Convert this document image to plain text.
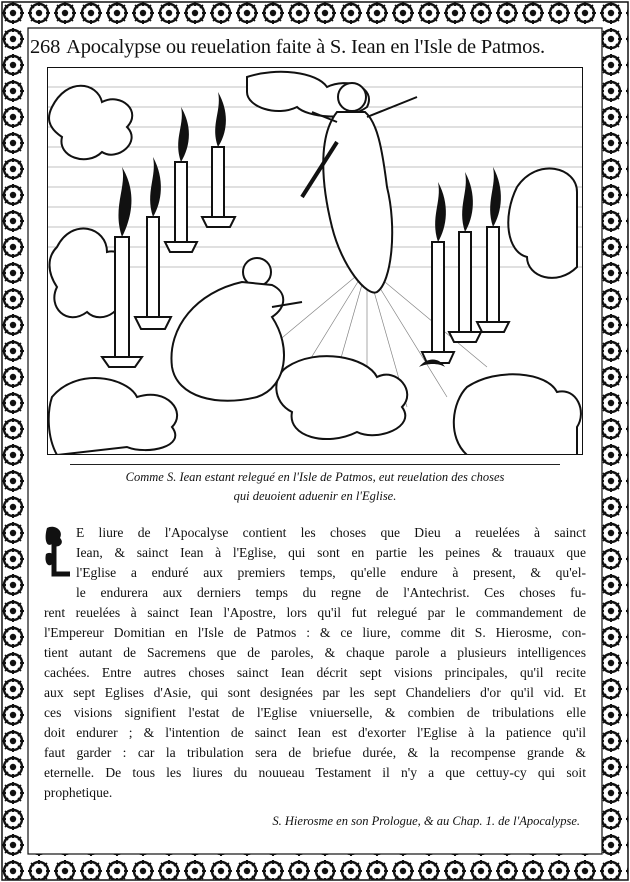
268 Apocalypse ou reuelation faite à S. Iean en l'Isle de Patmos.
Comme S. Iean estant relegué en l'Isle de Patmos, eut reuelation des choses
qui deuoient aduenir en l'Eglise.
E liure de l'Apocalyse contient les choses que Dieu a reuelées à sainct
Iean, & sainct Iean à l'Eglise, qui sont en partie les peines & trauaux que
l'Eglise a enduré aux premiers temps, qu'elle endure à present, & qu'el-
le endurera aux derniers temps du regne de l'Antechrist. Ces choses fu-
rent reuelées à sainct Iean l'Apostre, lors qu'il fut relegué par le commandement de
l'Empereur Domitian en l'Isle de Patmos : & ce liure, comme dit S. Hierosme, con-
tient autant de Sacremens que de paroles, & chaque parole a plusieurs intelligences
cachées. Entre autres choses sainct Iean décrit sept visions principales, qu'il recite
aux sept Eglises d'Asie, qui sont designées par les sept Chandeliers d'or qu'il vid. Et
ces visions signifient l'estat de l'Eglise vniuerselle, & combien de tribulations elle
doit endurer ; & l'intention de sainct Iean est d'exorter l'Eglise à la patience qu'il
faut garder : car la tribulation sera de briefue durée, & la recompense grande &
eternelle. De tous les liures du nouueau Testament il n'y a que cettuy-cy qui soit
prophetique.
S. Hierosme en son Prologue, & au Chap. 1. de l'Apocalypse.
